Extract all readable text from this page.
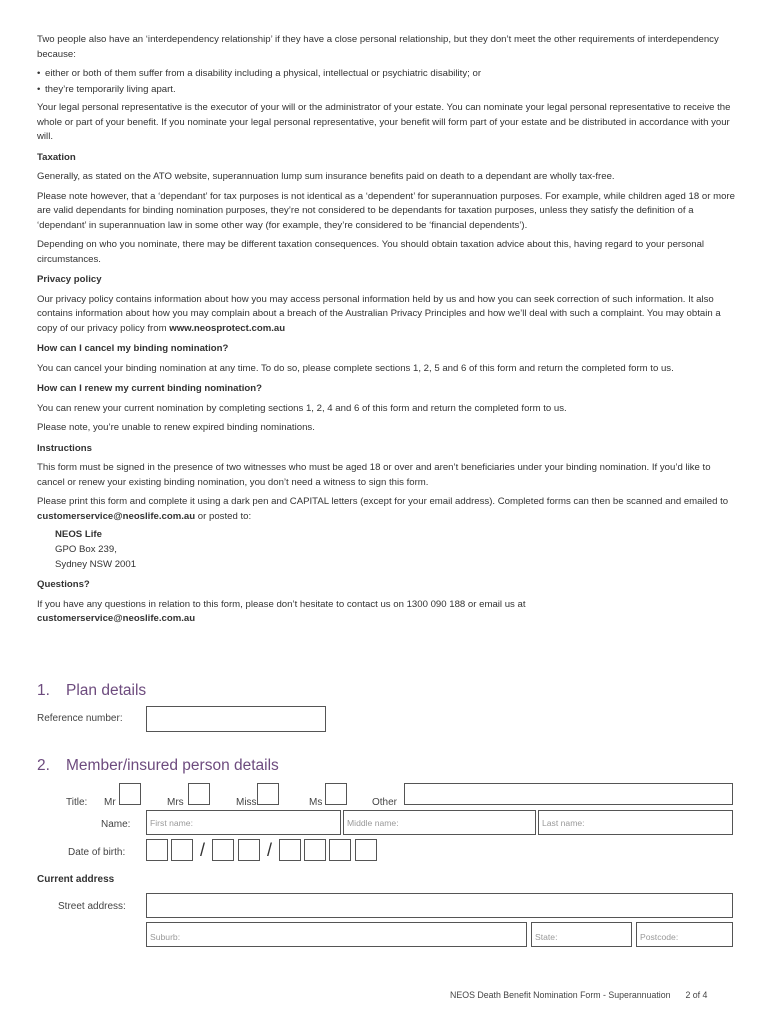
Two people also have an ‘interdependency relationship’ if they have a close personal relationship, but they don’t meet the other requirements of interdependency because:

• either or both of them suffer from a disability including a physical, intellectual or psychiatric disability; or
• they’re temporarily living apart.

Your legal personal representative is the executor of your will or the administrator of your estate. You can nominate your legal personal representative to receive the whole or part of your benefit. If you nominate your legal personal representative, your benefit will form part of your estate and be distributed in accordance with your will.

Taxation

Generally, as stated on the ATO website, superannuation lump sum insurance benefits paid on death to a dependant are wholly tax-free.

Please note however, that a ‘dependant’ for tax purposes is not identical as a ‘dependent’ for superannuation purposes. For example, while children aged 18 or more are valid dependants for binding nomination purposes, they’re not considered to be dependants for taxation purposes, unless they satisfy the definition of a ‘dependant’ in superannuation law in some other way (for example, they’re considered to be ‘financial dependents’).

Depending on who you nominate, there may be different taxation consequences. You should obtain taxation advice about this, having regard to your personal circumstances.

Privacy policy

Our privacy policy contains information about how you may access personal information held by us and how you can seek correction of such information. It also contains information about how you may complain about a breach of the Australian Privacy Principles and how we’ll deal with such a complaint. You may obtain a copy of our privacy policy from www.neosprotect.com.au

How can I cancel my binding nomination?

You can cancel your binding nomination at any time. To do so, please complete sections 1, 2, 5 and 6 of this form and return the completed form to us.

How can I renew my current binding nomination?

You can renew your current nomination by completing sections 1, 2, 4 and 6 of this form and return the completed form to us.

Please note, you’re unable to renew expired binding nominations.

Instructions

This form must be signed in the presence of two witnesses who must be aged 18 or over and aren’t beneficiaries under your binding nomination. If you’d like to cancel or renew your existing binding nomination, you don’t need a witness to sign this form.

Please print this form and complete it using a dark pen and CAPITAL letters (except for your email address). Completed forms can then be scanned and emailed to customerservice@neoslife.com.au or posted to:

NEOS Life
GPO Box 239,
Sydney NSW 2001
Questions?

If you have any questions in relation to this form, please don’t hesitate to contact us on 1300 090 188 or email us at

customerservice@neoslife.com.au

1. Plan details
Reference number:
2. Member/insured person details
Title: Mr	Mrs	Miss	Ms	Other
Name: First name:	Middle name:	Last name:
Date of birth:	/	/
Current address
Street address:
Suburb:	State:	Postcode:
NEOS Death Benefit Nomination Form - Superannuation 2 of 4
